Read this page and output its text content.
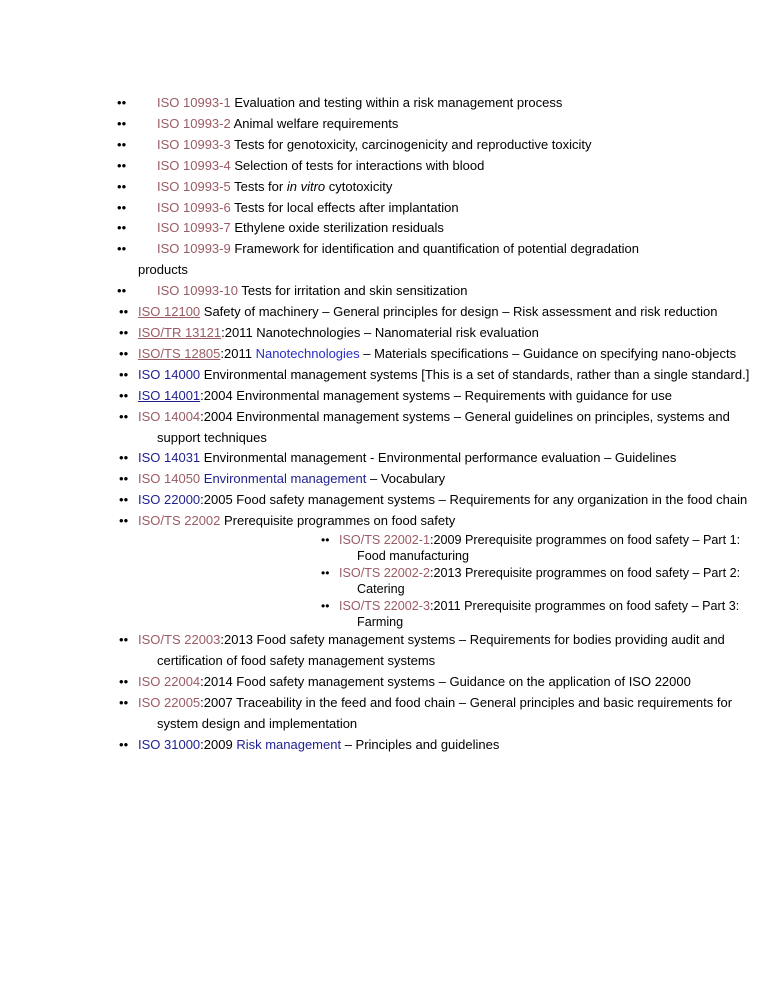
• • ISO 10993-1 Evaluation and testing within a risk management process
• • ISO 10993-2 Animal welfare requirements
• • ISO 10993-3 Tests for genotoxicity, carcinogenicity and reproductive toxicity
• • ISO 10993-4 Selection of tests for interactions with blood
• • ISO 10993-5 Tests for in vitro cytotoxicity
• • ISO 10993-6 Tests for local effects after implantation
• • ISO 10993-7 Ethylene oxide sterilization residuals
• • ISO 10993-9 Framework for identification and quantification of potential degradation

products

• • ISO 10993-10 Tests for irritation and skin sensitization
• ISO 12100 Safety of machinery – General principles for design – Risk assessment and risk reduction
• ISO/TR 13121:2011 Nanotechnologies – Nanomaterial risk evaluation
• ISO/TS 12805:2011 Nanotechnologies – Materials specifications – Guidance on specifying nano-objects
• ISO 14000 Environmental management systems [This is a set of standards, rather than a single standard.]
• ISO 14001:2004 Environmental management systems – Requirements with guidance for use
• ISO 14004:2004 Environmental management systems – General guidelines on principles, systems and support techniques
• ISO 14031 Environmental management - Environmental performance evaluation – Guidelines
• ISO 14050 Environmental management – Vocabulary
• ISO 22000:2005 Food safety management systems – Requirements for any organization in the food chain
• ISO/TS 22002 Prerequisite programmes on food safety
• ISO/TS 22002-1:2009 Prerequisite programmes on food safety – Part 1: Food manufacturing
• ISO/TS 22002-2:2013 Prerequisite programmes on food safety – Part 2: Catering
• ISO/TS 22002-3:2011 Prerequisite programmes on food safety – Part 3: Farming
• ISO/TS 22003:2013 Food safety management systems – Requirements for bodies providing audit and certification of food safety management systems
• ISO 22004:2014 Food safety management systems – Guidance on the application of ISO 22000
• ISO 22005:2007 Traceability in the feed and food chain – General principles and basic requirements for system design and implementation
• ISO 31000:2009 Risk management – Principles and guidelines
